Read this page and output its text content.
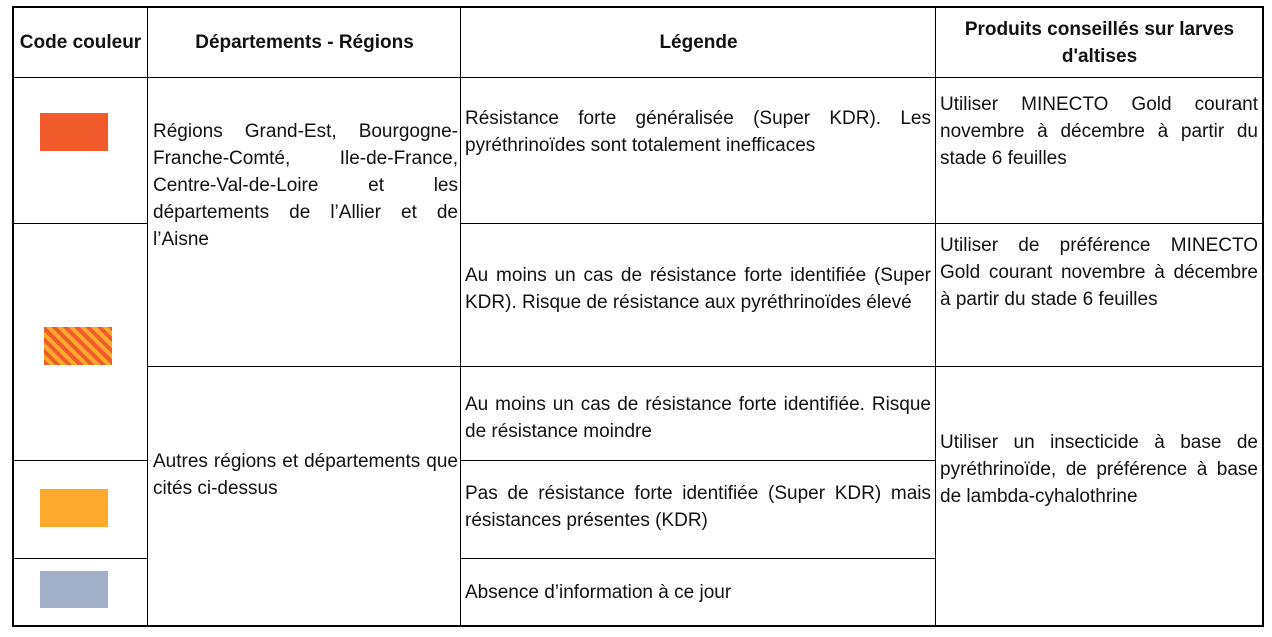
Code couleur	Départements - Régions	Légende
Produits conseillés sur larves d'altises
Régions Grand-Est, Bourgogne-Franche-Comté, Ile-de-France, Centre-Val-de-Loire et les départements de l’Allier et de l’Aisne
Autres régions et départements que cités ci-dessus
Résistance forte généralisée (Super KDR). Les pyréthrinoïdes sont totalement inefficaces
Au moins un cas de résistance forte identifiée (Super KDR). Risque de résistance aux pyréthrinoïdes élevé
Au moins un cas de résistance forte identifiée. Risque de résistance moindre
Pas de résistance forte identifiée (Super KDR) mais résistances présentes (KDR)
Absence d’information à ce jour
Utiliser MINECTO Gold courant novembre à décembre à partir du stade 6 feuilles
Utiliser de préférence MINECTO Gold courant novembre à décembre à partir du stade 6 feuilles
Utiliser un insecticide à base de pyréthrinoïde, de préférence à base de lambda-cyhalothrine
